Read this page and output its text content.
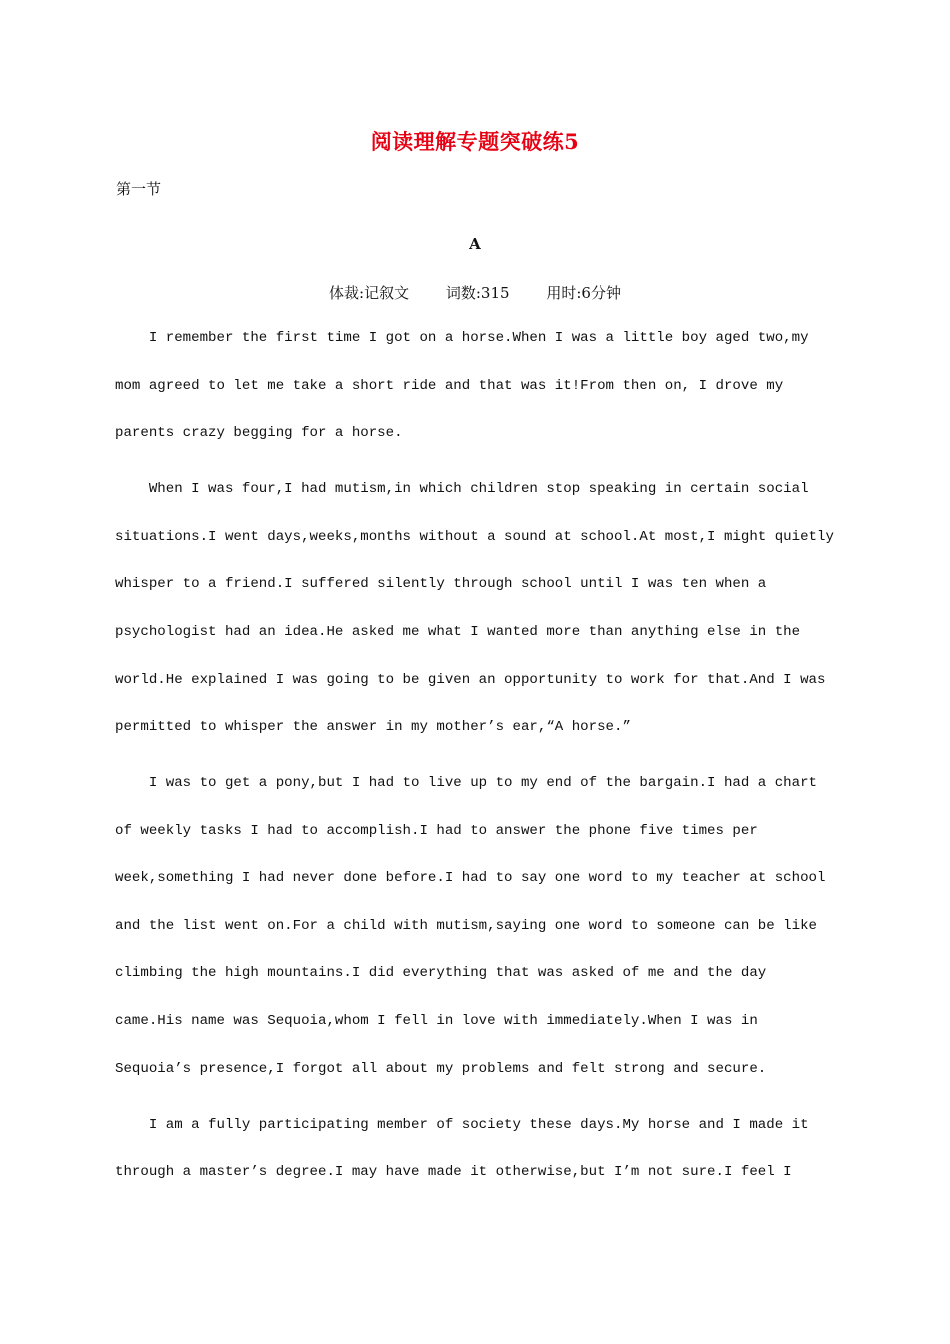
阅读理解专题突破练5
第一节
A
体裁:记叙文 词数:315 用时:6分钟
I remember the first time I got on a horse.When I was a little boy aged two,my
mom agreed to let me take a short ride and that was it!From then on, I drove my
parents crazy begging for a horse.
When I was four,I had mutism,in which children stop speaking in certain social
situations.I went days,weeks,months without a sound at school.At most,I might quietly
whisper to a friend.I suffered silently through school until I was ten when a
psychologist had an idea.He asked me what I wanted more than anything else in the
world.He explained I was going to be given an opportunity to work for that.And I was
permitted to whisper the answer in my mother’s ear,“A horse.”
I was to get a pony,but I had to live up to my end of the bargain.I had a chart
of weekly tasks I had to accomplish.I had to answer the phone five times per
week,something I had never done before.I had to say one word to my teacher at school
and the list went on.For a child with mutism,saying one word to someone can be like
climbing the high mountains.I did everything that was asked of me and the day
came.His name was Sequoia,whom I fell in love with immediately.When I was in
Sequoia’s presence,I forgot all about my problems and felt strong and secure.
I am a fully participating member of society these days.My horse and I made it
through a master’s degree.I may have made it otherwise,but I’m not sure.I feel I
